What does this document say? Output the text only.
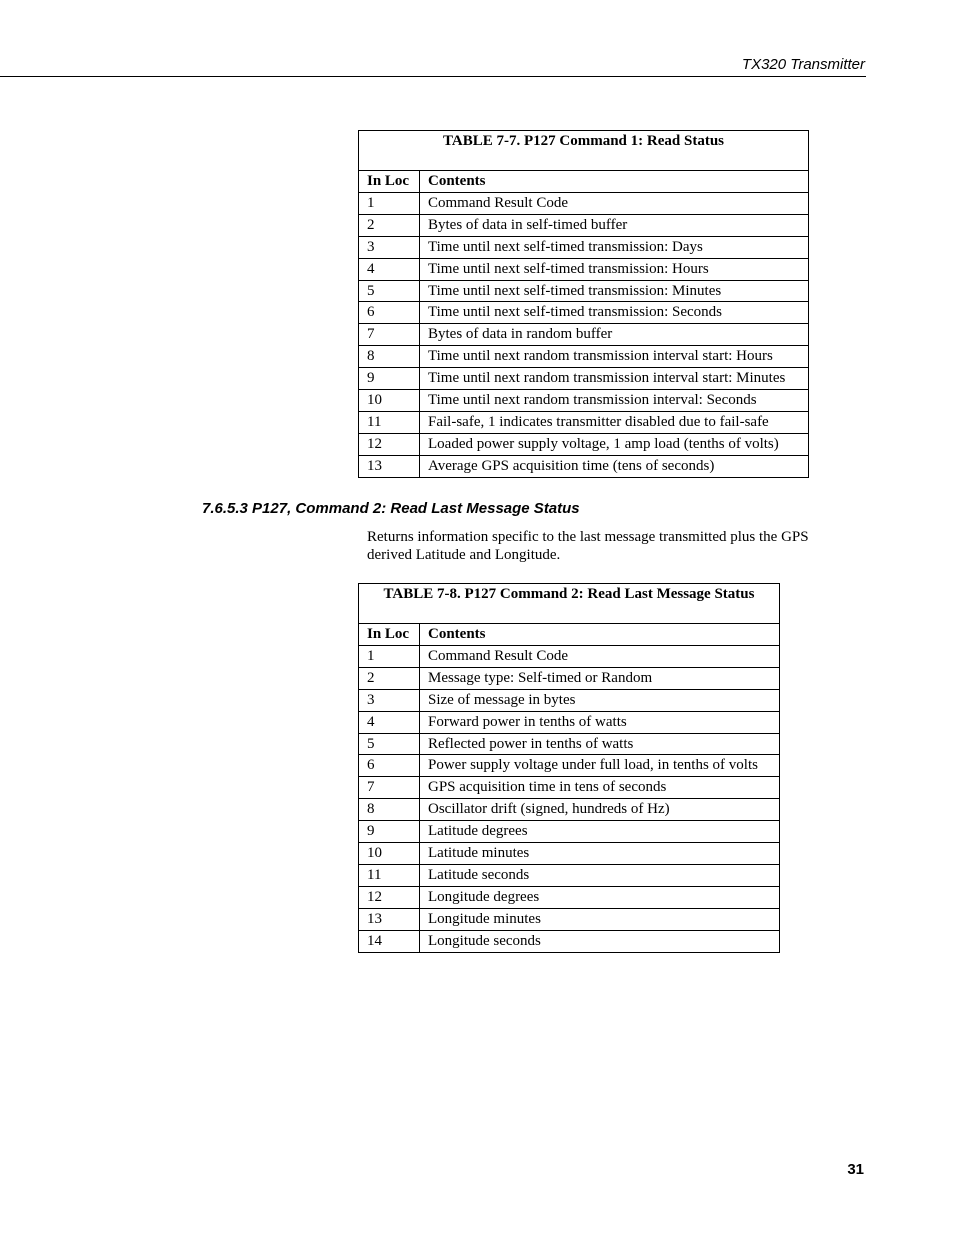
TX320 Transmitter
TABLE 7-7. P127 Command 1: Read Status	
In Loc	Contents
1	Command Result Code
2	Bytes of data in self-timed buffer
3	Time until next self-timed transmission: Days
4	Time until next self-timed transmission: Hours
5	Time until next self-timed transmission: Minutes
6	Time until next self-timed transmission: Seconds
7	Bytes of data in random buffer
8	Time until next random transmission interval start: Hours
9	Time until next random transmission interval start: Minutes
10	Time until next random transmission interval: Seconds
11	Fail-safe, 1 indicates transmitter disabled due to fail-safe
12	Loaded power supply voltage, 1 amp load (tenths of volts)
13	Average GPS acquisition time (tens of seconds)
7.6.5.3 P127, Command 2: Read Last Message Status
Returns information specific to the last message transmitted plus the GPS derived Latitude and Longitude.
TABLE 7-8. P127 Command 2: Read Last Message Status	
In Loc	Contents
1	Command Result Code
2	Message type: Self-timed or Random
3	Size of message in bytes
4	Forward power in tenths of watts
5	Reflected power in tenths of watts
6	Power supply voltage under full load, in tenths of volts
7	GPS acquisition time in tens of seconds
8	Oscillator drift (signed, hundreds of Hz)
9	Latitude degrees
10	Latitude minutes
11	Latitude seconds
12	Longitude degrees
13	Longitude minutes
14	Longitude seconds
31
